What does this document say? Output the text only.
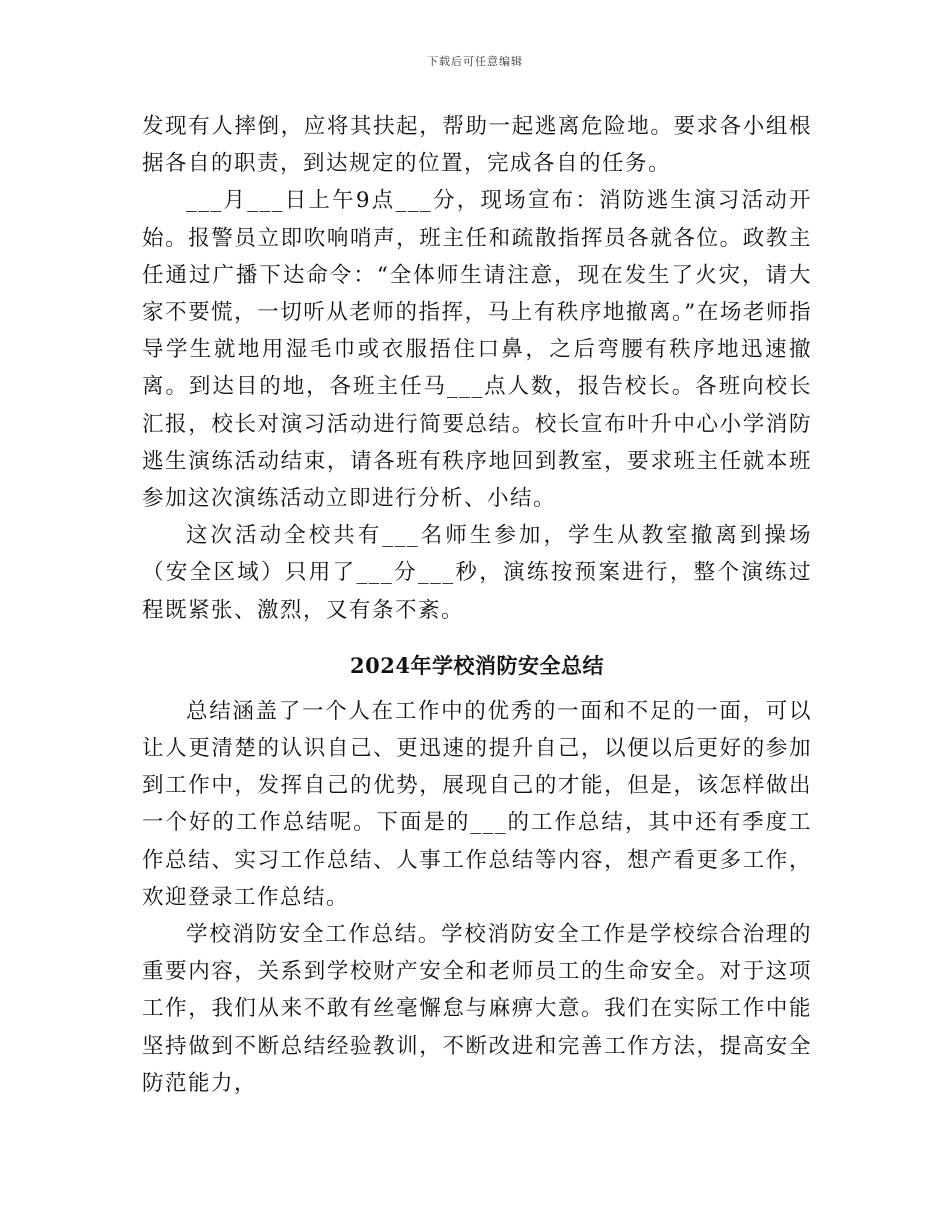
下载后可任意编辑

发现有人摔倒，应将其扶起，帮助一起逃离危险地。要求各小组根据各自的职责，到达规定的位置，完成各自的任务。

___月___日上午9点___分，现场宣布：消防逃生演习活动开始。报警员立即吹响哨声，班主任和疏散指挥员各就各位。政教主任通过广播下达命令：“全体师生请注意，现在发生了火灾，请大家不要慌，一切听从老师的指挥，马上有秩序地撤离。”在场老师指导学生就地用湿毛巾或衣服捂住口鼻，之后弯腰有秩序地迅速撤离。到达目的地，各班主任马___点人数，报告校长。各班向校长汇报，校长对演习活动进行简要总结。校长宣布叶升中心小学消防逃生演练活动结束，请各班有秩序地回到教室，要求班主任就本班参加这次演练活动立即进行分析、小结。

这次活动全校共有___名师生参加，学生从教室撤离到操场（安全区域）只用了___分___秒，演练按预案进行，整个演练过程既紧张、激烈，又有条不紊。

2024年学校消防安全总结

总结涵盖了一个人在工作中的优秀的一面和不足的一面，可以让人更清楚的认识自己、更迅速的提升自己，以便以后更好的参加到工作中，发挥自己的优势，展现自己的才能，但是，该怎样做出一个好的工作总结呢。下面是的___的工作总结，其中还有季度工作总结、实习工作总结、人事工作总结等内容，想产看更多工作，欢迎登录工作总结。

学校消防安全工作总结。学校消防安全工作是学校综合治理的重要内容，关系到学校财产安全和老师员工的生命安全。对于这项工作，我们从来不敢有丝毫懈怠与麻痹大意。我们在实际工作中能坚持做到不断总结经验教训，不断改进和完善工作方法，提高安全防范能力，
